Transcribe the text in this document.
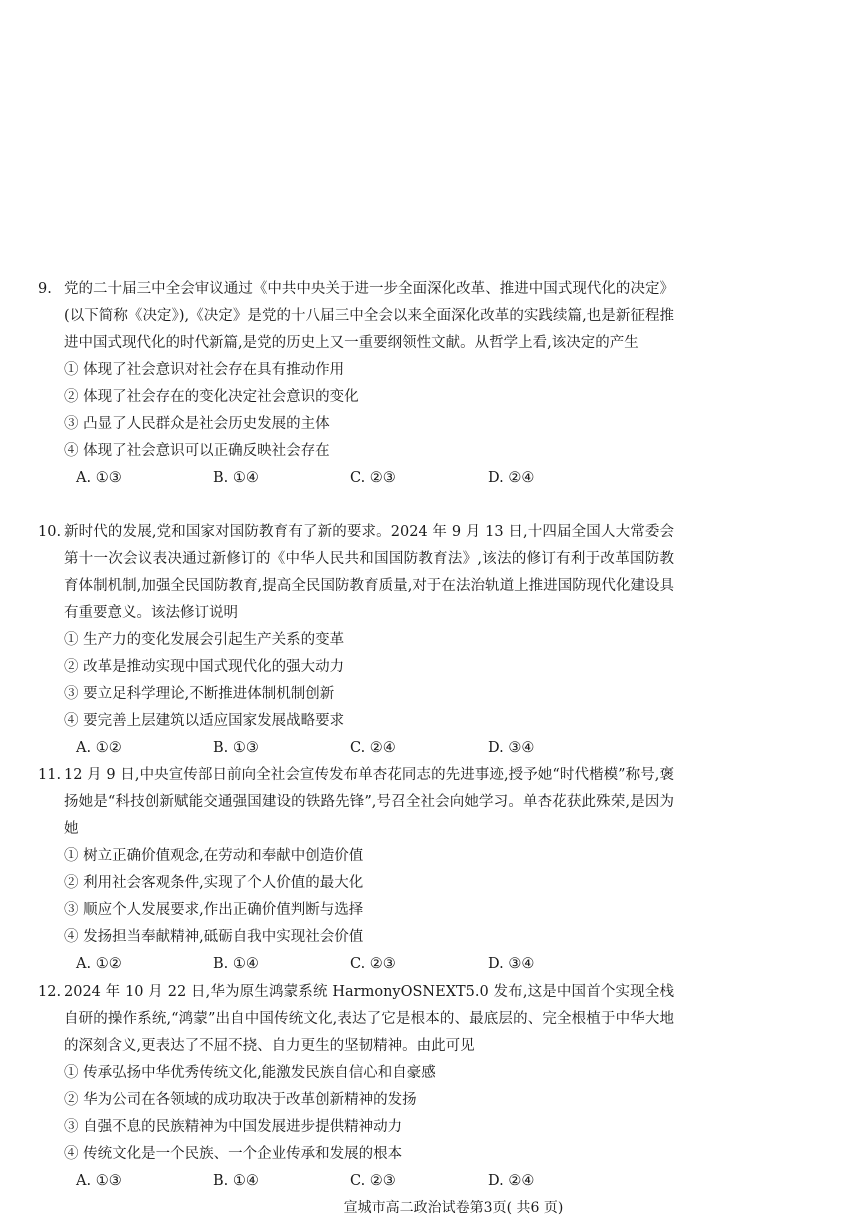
9. 党的二十届三中全会审议通过《中共中央关于进一步全面深化改革、推进中国式现代化的决定》(以下简称《决定》),《决定》是党的十八届三中全会以来全面深化改革的实践续篇,也是新征程推进中国式现代化的时代新篇,是党的历史上又一重要纲领性文献。从哲学上看,该决定的产生
① 体现了社会意识对社会存在具有推动作用
② 体现了社会存在的变化决定社会意识的变化
③ 凸显了人民群众是社会历史发展的主体
④ 体现了社会意识可以正确反映社会存在
A. ①③	B. ①④	C. ②③	D. ②④
10. 新时代的发展,党和国家对国防教育有了新的要求。2024 年 9 月 13 日,十四届全国人大常委会第十一次会议表决通过新修订的《中华人民共和国国防教育法》,该法的修订有利于改革国防教育体制机制,加强全民国防教育,提高全民国防教育质量,对于在法治轨道上推进国防现代化建设具有重要意义。该法修订说明
① 生产力的变化发展会引起生产关系的变革
② 改革是推动实现中国式现代化的强大动力
③ 要立足科学理论,不断推进体制机制创新
④ 要完善上层建筑以适应国家发展战略要求
A. ①②	B. ①③	C. ②④	D. ③④
11. 12 月 9 日,中央宣传部日前向全社会宣传发布单杏花同志的先进事迹,授予她“时代楷模”称号,褒扬她是“科技创新赋能交通强国建设的铁路先锋”,号召全社会向她学习。单杏花获此殊荣,是因为她
① 树立正确价值观念,在劳动和奉献中创造价值
② 利用社会客观条件,实现了个人价值的最大化
③ 顺应个人发展要求,作出正确价值判断与选择
④ 发扬担当奉献精神,砥砺自我中实现社会价值
A. ①②	B. ①④	C. ②③	D. ③④
12. 2024 年 10 月 22 日,华为原生鸿蒙系统 HarmonyOSNEXT5.0 发布,这是中国首个实现全栈自研的操作系统,“鸿蒙”出自中国传统文化,表达了它是根本的、最底层的、完全根植于中华大地的深刻含义,更表达了不屈不挠、自力更生的坚韧精神。由此可见
① 传承弘扬中华优秀传统文化,能激发民族自信心和自豪感
② 华为公司在各领域的成功取决于改革创新精神的发扬
③ 自强不息的民族精神为中国发展进步提供精神动力
④ 传统文化是一个民族、一个企业传承和发展的根本
A. ①③	B. ①④	C. ②③	D. ②④
宣城市高二政治试卷第3页( 共6 页)
